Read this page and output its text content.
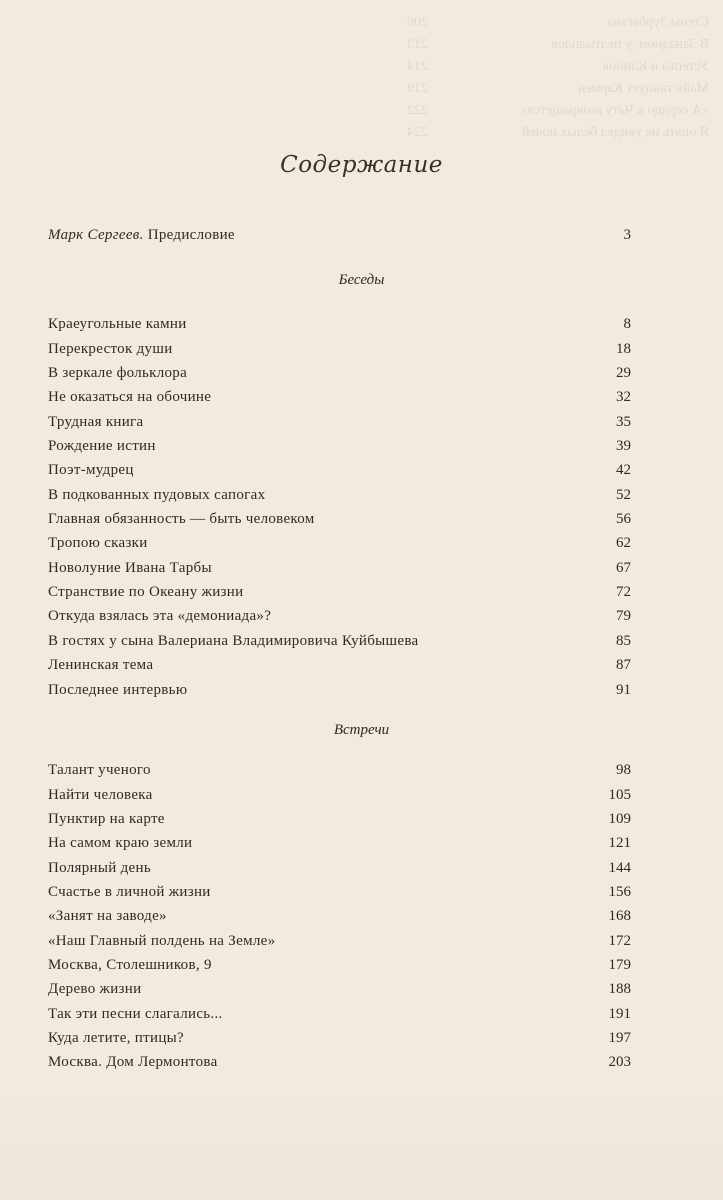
Стены Зурбагана
206
В Занадном, у пелтыанлов
213
Устепка и Клинов
214
Майя танцует Кармен
219
«А сердцо к Чату возвращется»
222
Я опять не увидел белых ночей
224
Содержание
Марк Сергеев. Предисловие	3
Беседы
Краеугольные камни	8
Перекресток души	18
В зеркале фольклора	29
Не оказаться на обочине	32
Трудная книга	35
Рождение истин	39
Поэт-мудрец	42
В подкованных пудовых сапогах	52
Главная обязанность — быть человеком	56
Тропою сказки	62
Новолуние Ивана Тарбы	67
Странствие по Океану жизни	72
Откуда взялась эта «демониада»?	79
В гостях у сына Валериана Владимировича Куйбышева	85
Ленинская тема	87
Последнее интервью	91
Встречи
Талант ученого	98
Найти человека	105
Пунктир на карте	109
На самом краю земли	121
Полярный день	144
Счастье в личной жизни	156
«Занят на заводе»	168
«Наш Главный полдень на Земле»	172
Москва, Столешников, 9	179
Дерево жизни	188
Так эти песни слагались...	191
Куда летите, птицы?	197
Москва. Дом Лермонтова	203
